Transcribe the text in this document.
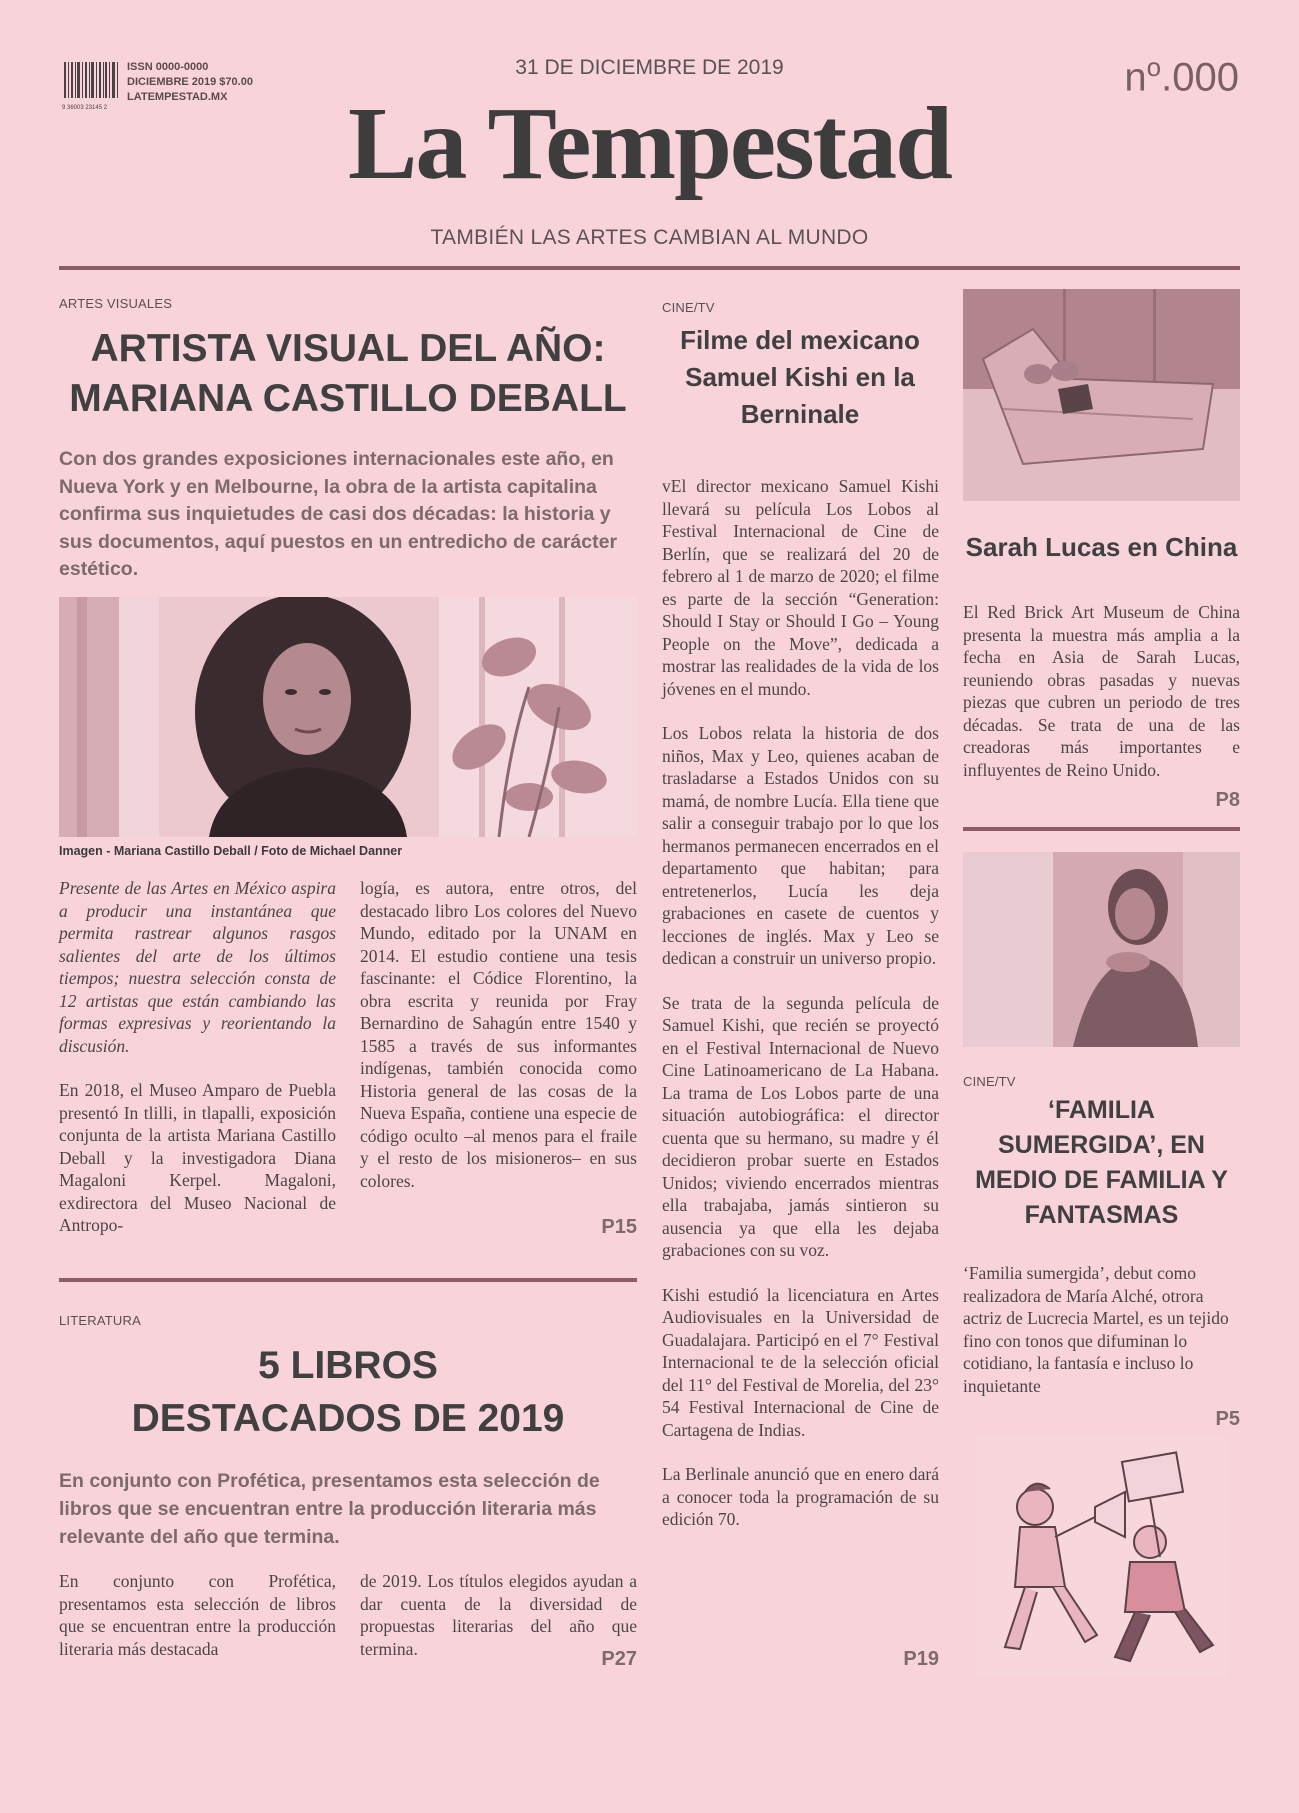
9 36003 23145 2
ISSN 0000-0000
DICIEMBRE 2019 $70.00
LATEMPESTAD.MX
31 DE DICIEMBRE DE 2019
La Tempestad
$n^o.000$
TAMBIÉN LAS ARTES CAMBIAN AL MUNDO
ARTES VISUALES
ARTISTA VISUAL DEL AÑO:
MARIANA CASTILLO DEBALL
Con dos grandes exposiciones internacionales este año, en Nueva York y en Melbourne, la obra de la artista capitalina confirma sus inquietudes de casi dos décadas: la historia y sus documentos, aquí puestos en un entredicho de carácter estético.
Imagen - Mariana Castillo Deball / Foto de Michael Danner

Presente de las Artes en México aspira a producir una instantánea que permita rastrear algunos rasgos salientes del arte de los últimos tiempos; nuestra selección consta de 12 artistas que están cambiando las formas expresivas y reorientando la discusión.

En 2018, el Museo Amparo de Puebla presentó In tlilli, in tlapalli, exposición conjunta de la artista Mariana Castillo Deball y la investigadora Diana Magaloni Kerpel. Magaloni, exdirectora del Museo Nacional de Antropo-

logía, es autora, entre otros, del destacado libro Los colores del Nuevo Mundo, editado por la UNAM en 2014. El estudio contiene una tesis fascinante: el Códice Florentino, la obra escrita y reunida por Fray Bernardino de Sahagún entre 1540 y 1585 a través de sus informantes indígenas, también conocida como Historia general de las cosas de la Nueva España, contiene una especie de código oculto –al menos para el fraile y el resto de los misioneros– en sus colores.

P15
LITERATURA
5 LIBROS
DESTACADOS DE 2019
En conjunto con Profética, presentamos esta selección de libros que se encuentran entre la producción literaria más relevante del año que termina.

En conjunto con Profética, presentamos esta selección de libros que se encuentran entre la producción literaria más destacada

de 2019. Los títulos elegidos ayudan a dar cuenta de la diversidad de propuestas literarias del año que termina.	P27
CINE/TV
Filme del mexicano Samuel Kishi en la Berninale

vEl director mexicano Samuel Kishi llevará su película Los Lobos al Festival Internacional de Cine de Berlín, que se realizará del 20 de febrero al 1 de marzo de 2020; el filme es parte de la sección “Generation: Should I Stay or Should I Go – Young People on the Move”, dedicada a mostrar las realidades de la vida de los jóvenes en el mundo.

Los Lobos relata la historia de dos niños, Max y Leo, quienes acaban de trasladarse a Estados Unidos con su mamá, de nombre Lucía. Ella tiene que salir a conseguir trabajo por lo que los hermanos permanecen encerrados en el departamento que habitan; para entretenerlos, Lucía les deja grabaciones en casete de cuentos y lecciones de inglés. Max y Leo se dedican a construir un universo propio.

Se trata de la segunda película de Samuel Kishi, que recién se proyectó en el Festival Internacional de Nuevo Cine Latinoamericano de La Habana. La trama de Los Lobos parte de una situación autobiográfica: el director cuenta que su hermano, su madre y él decidieron probar suerte en Estados Unidos; viviendo encerrados mientras ella trabajaba, jamás sintieron su ausencia ya que ella les dejaba grabaciones con su voz.

Kishi estudió la licenciatura en Artes Audiovisuales en la Universidad de Guadalajara. Participó en el 7° Festival Internacional te de la selección oficial del 11° del Festival de Morelia, del 23° 54 Festival Internacional de Cine de Cartagena de Indias.

La Berlinale anunció que en enero dará a conocer toda la programación de su edición 70.

P19
Sarah Lucas en China

El Red Brick Art Museum de China presenta la muestra más amplia a la fecha en Asia de Sarah Lucas, reuniendo obras pasadas y nuevas piezas que cubren un periodo de tres décadas. Se trata de una de las creadoras más importantes e influyentes de Reino Unido.

P8
CINE/TV
‘FAMILIA SUMERGIDA’, EN MEDIO DE FAMILIA Y FANTASMAS

‘Familia sumergida’, debut como realizadora de María Alché, otrora actriz de Lucrecia Martel, es un tejido fino con tonos que difuminan lo cotidiano, la fantasía e incluso lo inquietante

P5
